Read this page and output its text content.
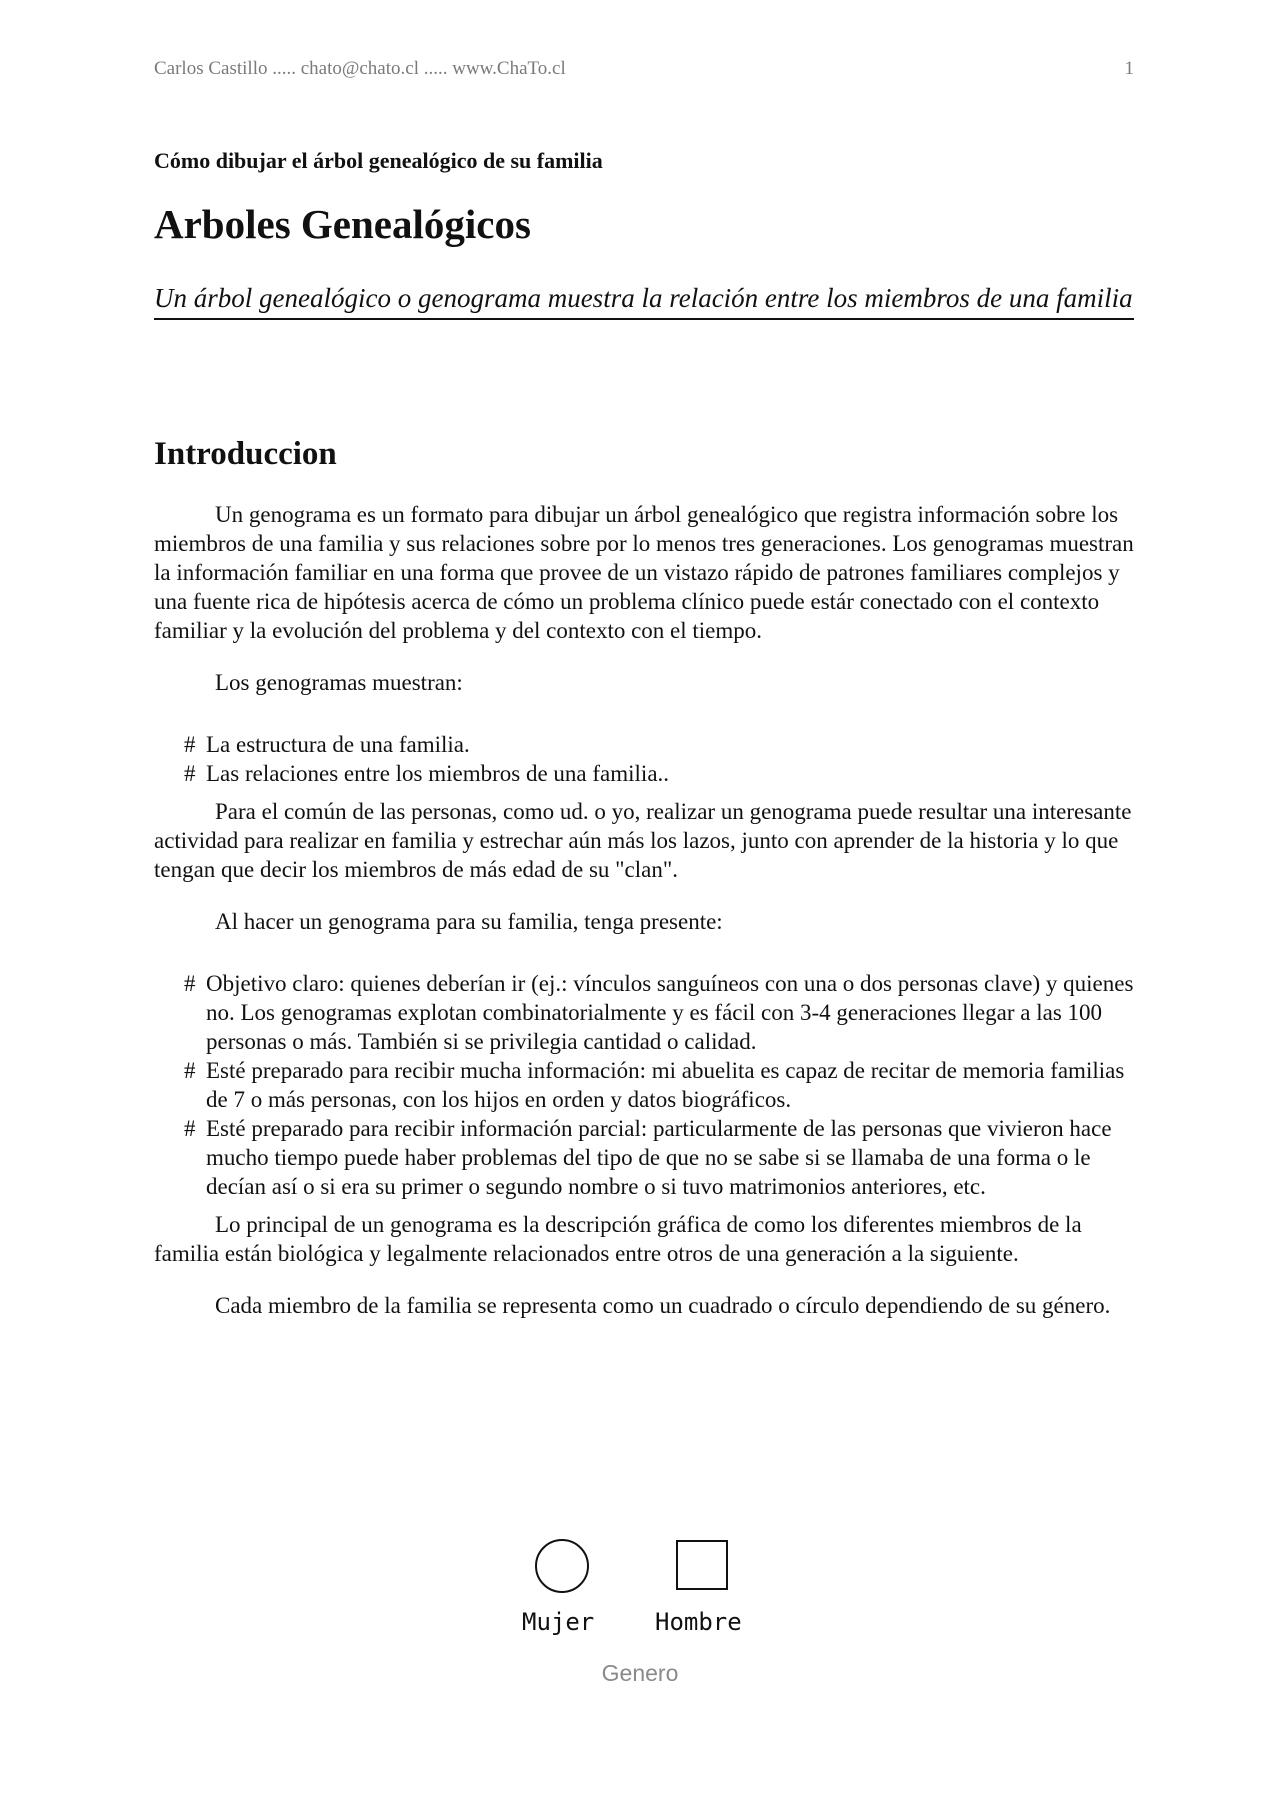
Carlos Castillo ..... chato@chato.cl ..... www.ChaTo.cl	1
Cómo dibujar el árbol genealógico de su familia
Arboles Genealógicos
Un árbol genealógico o genograma muestra la relación entre los miembros de una familia
Introduccion

Un genograma es un formato para dibujar un árbol genealógico que registra información sobre los miembros de una familia y sus relaciones sobre por lo menos tres generaciones. Los genogramas muestran la información familiar en una forma que provee de un vistazo rápido de patrones familiares complejos y una fuente rica de hipótesis acerca de cómo un problema clínico puede estár conectado con el contexto familiar y la evolución del problema y del contexto con el tiempo.

Los genogramas muestran:

# La estructura de una familia.
# Las relaciones entre los miembros de una familia..

Para el común de las personas, como ud. o yo, realizar un genograma puede resultar una interesante actividad para realizar en familia y estrechar aún más los lazos, junto con aprender de la historia y lo que tengan que decir los miembros de más edad de su "clan".

Al hacer un genograma para su familia, tenga presente:

# Objetivo claro: quienes deberían ir (ej.: vínculos sanguíneos con una o dos personas clave) y quienes no. Los genogramas explotan combinatorialmente y es fácil con 3-4 generaciones llegar a las 100 personas o más. También si se privilegia cantidad o calidad.
# Esté preparado para recibir mucha información: mi abuelita es capaz de recitar de memoria familias de 7 o más personas, con los hijos en orden y datos biográficos.
# Esté preparado para recibir información parcial: particularmente de las personas que vivieron hace mucho tiempo puede haber problemas del tipo de que no se sabe si se llamaba de una forma o le decían así o si era su primer o segundo nombre o si tuvo matrimonios anteriores, etc.

Lo principal de un genograma es la descripción gráfica de como los diferentes miembros de la familia están biológica y legalmente relacionados entre otros de una generación a la siguiente.

Cada miembro de la familia se representa como un cuadrado o círculo dependiendo de su género.

Mujer	Hombre
Genero
